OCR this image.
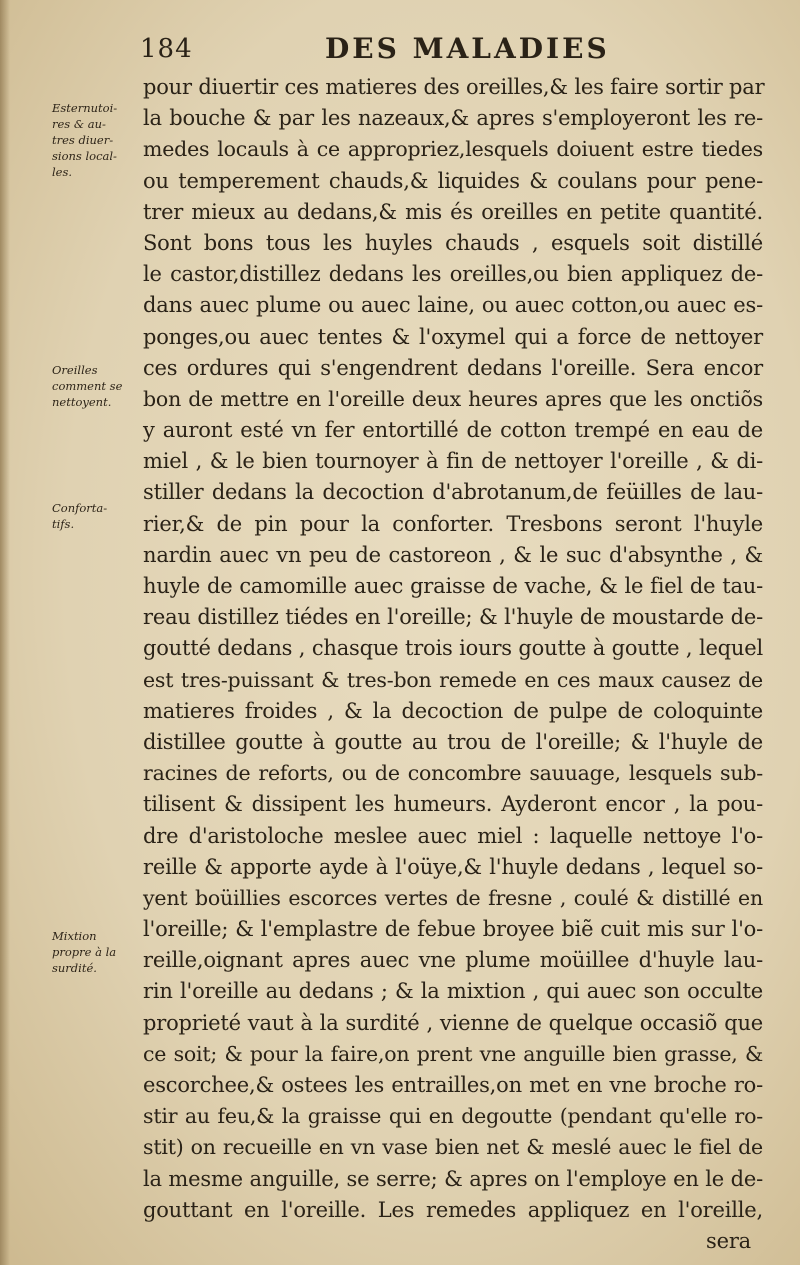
184	DES MALADIES
Esternutoi-
res & au-
tres diuer-
sions local-
les.
Oreilles
comment se
nettoyent.
Conforta-
tifs.
Mixtion
propre à la
surdité.
pour diuertir ces matieres des oreilles,& les faire sortir par
la bouche & par les nazeaux,& apres s'employeront les re-
medes locauls à ce appropriez,lesquels doiuent estre tiedes
ou temperement chauds,& liquides & coulans pour pene-
trer mieux au dedans,& mis és oreilles en petite quantité.
Sont bons tous les huyles chauds , esquels soit distillé
le castor,distillez dedans les oreilles,ou bien appliquez de-
dans auec plume ou auec laine, ou auec cotton,ou auec es-
ponges,ou auec tentes & l'oxymel qui a force de nettoyer
ces ordures qui s'engendrent dedans l'oreille. Sera encor
bon de mettre en l'oreille deux heures apres que les onctiõs
y auront esté vn fer entortillé de cotton trempé en eau de
miel , & le bien tournoyer à fin de nettoyer l'oreille , & di-
stiller dedans la decoction d'abrotanum,de feüilles de lau-
rier,& de pin pour la conforter. Tresbons seront l'huyle
nardin auec vn peu de castoreon , & le suc d'absynthe , &
huyle de camomille auec graisse de vache, & le fiel de tau-
reau distillez tiédes en l'oreille; & l'huyle de moustarde de-
goutté dedans , chasque trois iours goutte à goutte , lequel
est tres-puissant & tres-bon remede en ces maux causez de
matieres froides , & la decoction de pulpe de coloquinte
distillee goutte à goutte au trou de l'oreille; & l'huyle de
racines de reforts, ou de concombre sauuage, lesquels sub-
tilisent & dissipent les humeurs. Ayderont encor , la pou-
dre d'aristoloche meslee auec miel : laquelle nettoye l'o-
reille & apporte ayde à l'oüye,& l'huyle dedans , lequel so-
yent boüillies escorces vertes de fresne , coulé & distillé en
l'oreille; & l'emplastre de febue broyee biẽ cuit mis sur l'o-
reille,oignant apres auec vne plume moüillee d'huyle lau-
rin l'oreille au dedans ; & la mixtion , qui auec son occulte
proprieté vaut à la surdité , vienne de quelque occasiõ que
ce soit; & pour la faire,on prent vne anguille bien grasse, &
escorchee,& ostees les entrailles,on met en vne broche ro-
stir au feu,& la graisse qui en degoutte (pendant qu'elle ro-
stit) on recueille en vn vase bien net & meslé auec le fiel de
la mesme anguille, se serre; & apres on l'employe en le de-
gouttant en l'oreille. Les remedes appliquez en l'oreille,
sera
